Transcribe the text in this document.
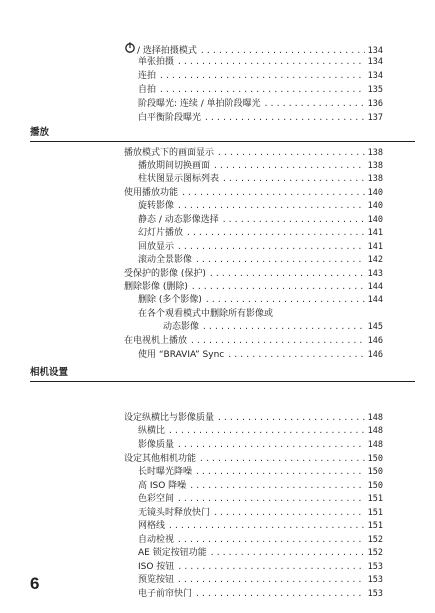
/ 选择拍摄模式 .....	134
单张拍摄 .....	134
连拍 .....	134
自拍 .....	135
阶段曝光: 连续 / 单拍阶段曝光 .....	136
白平衡阶段曝光 .....	137
播放
播放模式下的画面显示 .....	138
播放期间切换画面 .....	138
柱状图显示图标列表 .....	138
使用播放功能 .....	140
旋转影像 .....	140
静态 / 动态影像选择 .....	140
幻灯片播放 .....	141
回放显示 .....	141
滚动全景影像 .....	142
受保护的影像 (保护) .....	143
删除影像 (删除) .....	144
删除 (多个影像) .....	144
在各个观看模式中删除所有影像或
动态影像 .....	145
在电视机上播放 .....	146
使用 “BRAVIA” Sync .....	146
相机设置
设定纵横比与影像质量 .....	148
纵横比 .....	148
影像质量 .....	148
设定其他相机功能 .....	150
长时曝光降噪 .....	150
高 ISO 降噪 .....	150
色彩空间 .....	151
无镜头时释放快门 .....	151
网格线 .....	151
自动检视 .....	152
AE 锁定按钮功能 .....	152
ISO 按钮 .....	153
预览按钮 .....	153
电子前帘快门 .....	153
6
